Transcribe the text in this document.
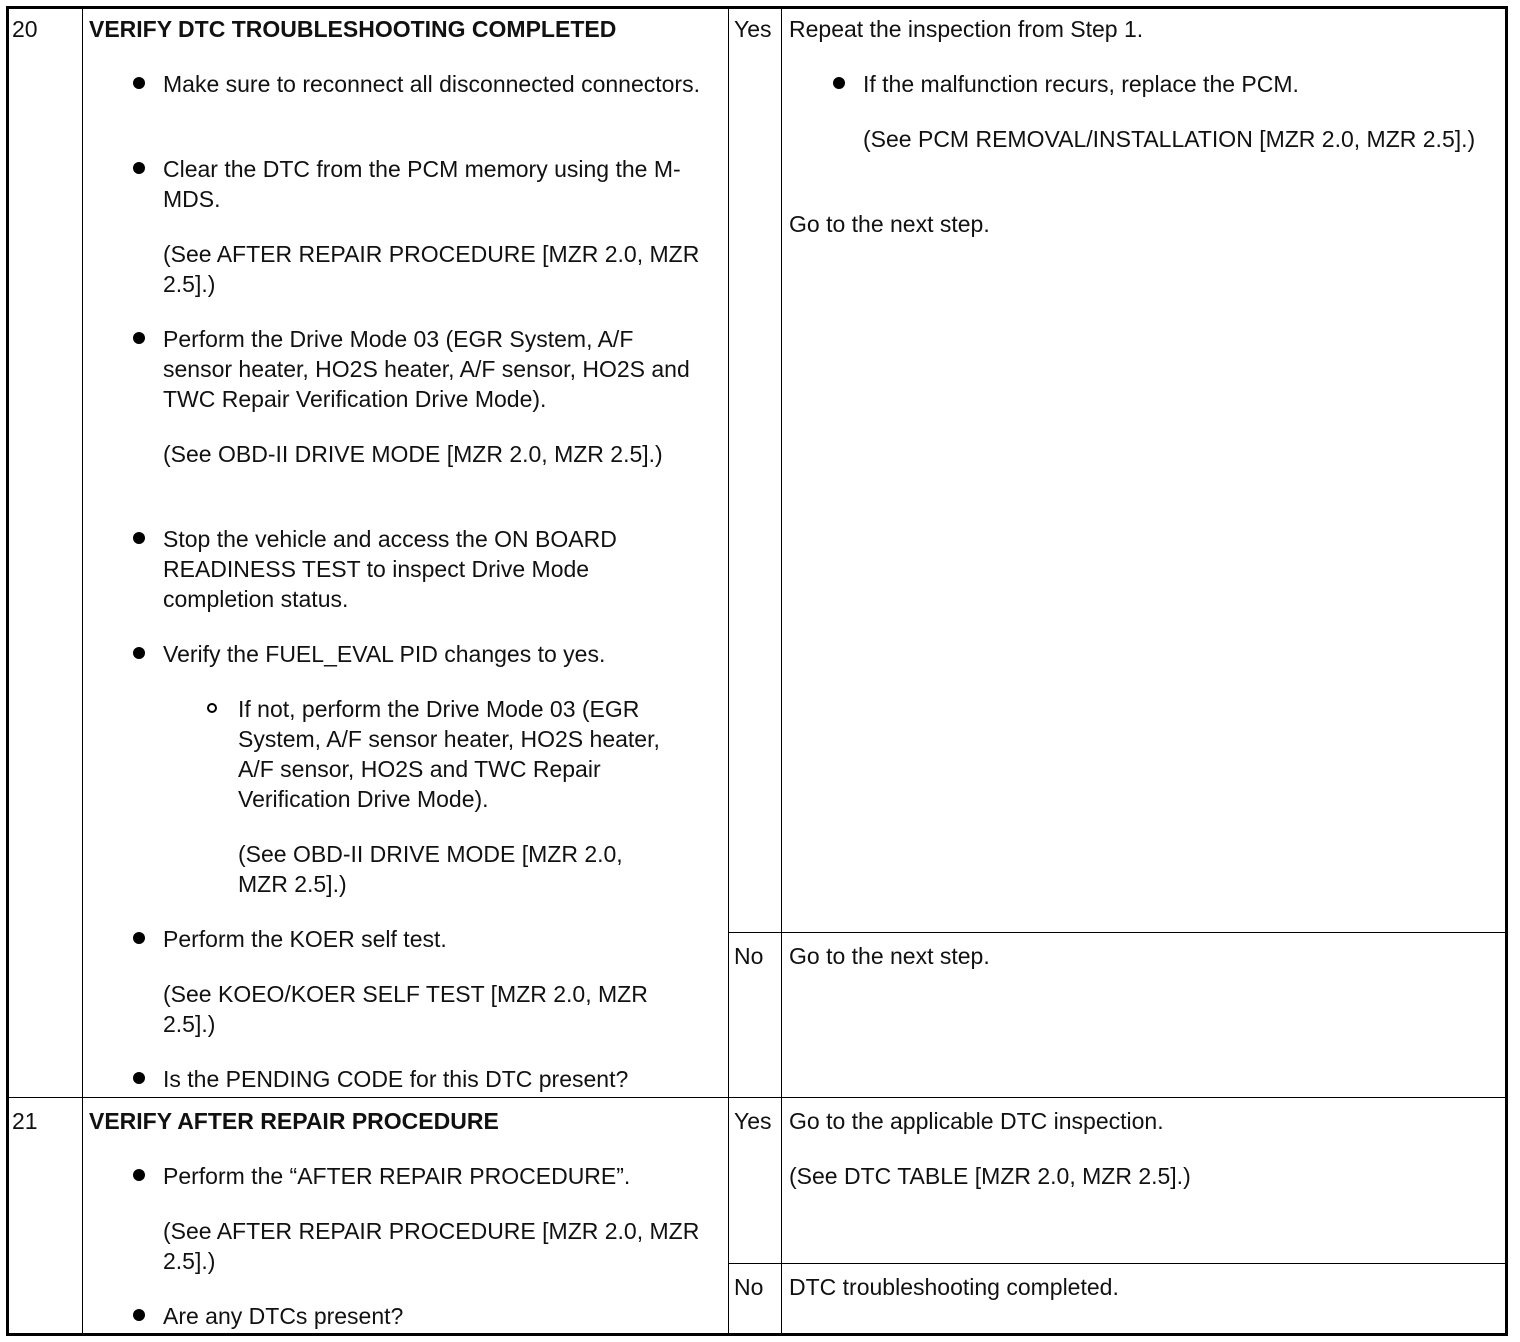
20 VERIFY DTC TROUBLESHOOTING COMPLETED
Make sure to reconnect all disconnected connectors.
Clear the DTC from the PCM memory using the M-MDS.
(See AFTER REPAIR PROCEDURE [MZR 2.0, MZR 2.5].)
Perform the Drive Mode 03 (EGR System, A/F sensor heater, HO2S heater, A/F sensor, HO2S and TWC Repair Verification Drive Mode).
(See OBD-II DRIVE MODE [MZR 2.0, MZR 2.5].)
Stop the vehicle and access the ON BOARD READINESS TEST to inspect Drive Mode completion status.
Verify the FUEL_EVAL PID changes to yes.
If not, perform the Drive Mode 03 (EGR System, A/F sensor heater, HO2S heater, A/F sensor, HO2S and TWC Repair Verification Drive Mode).
(See OBD-II DRIVE MODE [MZR 2.0, MZR 2.5].)
Perform the KOER self test.
(See KOEO/KOER SELF TEST [MZR 2.0, MZR 2.5].)
Is the PENDING CODE for this DTC present?
Yes Repeat the inspection from Step 1.
If the malfunction recurs, replace the PCM.
(See PCM REMOVAL/INSTALLATION [MZR 2.0, MZR 2.5].)
Go to the next step.
No Go to the next step.
21 VERIFY AFTER REPAIR PROCEDURE
Perform the “AFTER REPAIR PROCEDURE”.
(See AFTER REPAIR PROCEDURE [MZR 2.0, MZR 2.5].)
Are any DTCs present?
Yes Go to the applicable DTC inspection.
(See DTC TABLE [MZR 2.0, MZR 2.5].)
No DTC troubleshooting completed.
